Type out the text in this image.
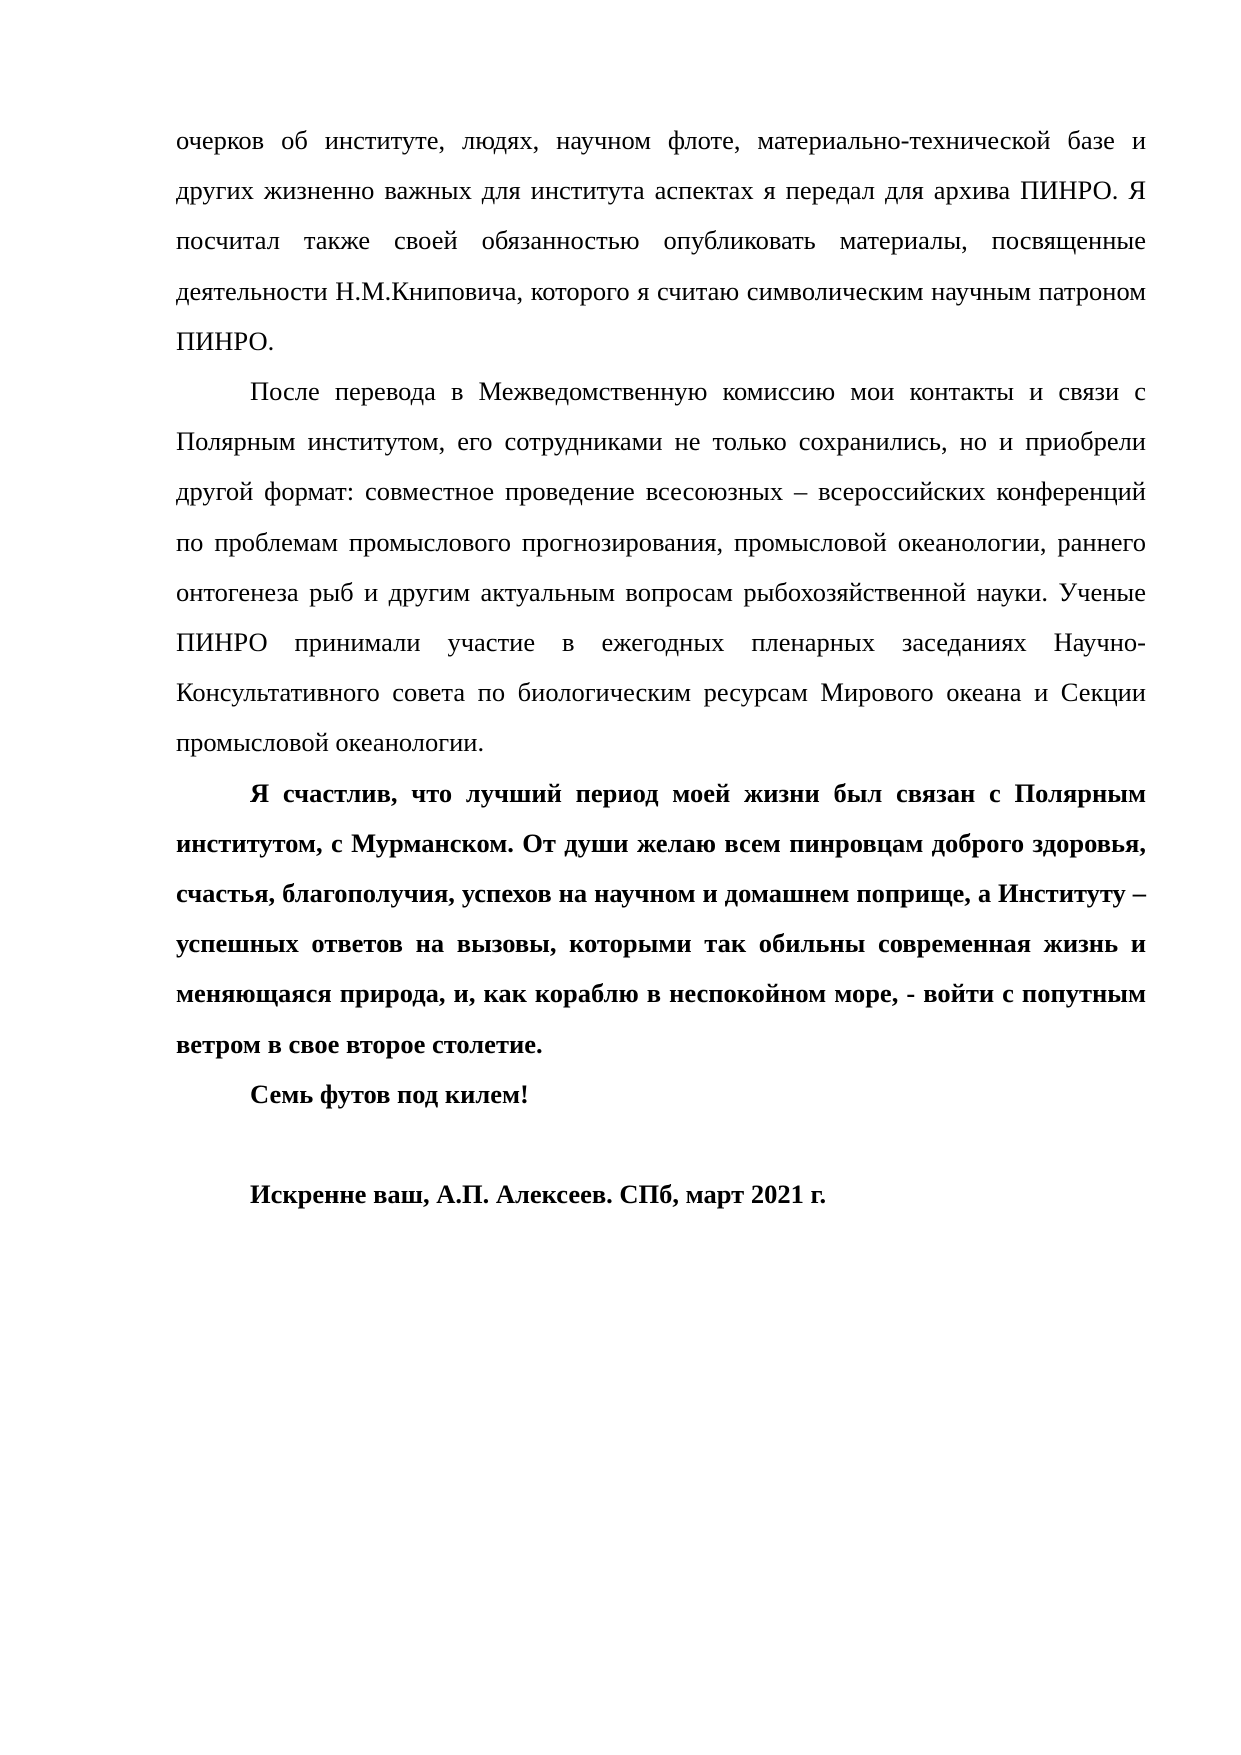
очерков об институте, людях, научном флоте, материально-технической базе и других жизненно важных для института аспектах я передал для архива ПИНРО. Я посчитал также своей обязанностью опубликовать материалы, посвященные деятельности Н.М.Книповича, которого я считаю символическим научным патроном ПИНРО.

После перевода в Межведомственную комиссию мои контакты и связи с Полярным институтом, его сотрудниками не только сохранились, но и приобрели другой формат: совместное проведение всесоюзных – всероссийских конференций по проблемам промыслового прогнозирования, промысловой океанологии, раннего онтогенеза рыб и другим актуальным вопросам рыбохозяйственной науки. Ученые ПИНРО принимали участие в ежегодных пленарных заседаниях Научно-Консультативного совета по биологическим ресурсам Мирового океана и Секции промысловой океанологии.

Я счастлив, что лучший период моей жизни был связан с Полярным институтом, с Мурманском. От души желаю всем пинровцам доброго здоровья, счастья, благополучия, успехов на научном и домашнем поприще, а Институту – успешных ответов на вызовы, которыми так обильны современная жизнь и меняющаяся природа, и, как кораблю в неспокойном море, - войти с попутным ветром в свое второе столетие.

Семь футов под килем!

Искренне ваш, А.П. Алексеев. СПб, март 2021 г.
